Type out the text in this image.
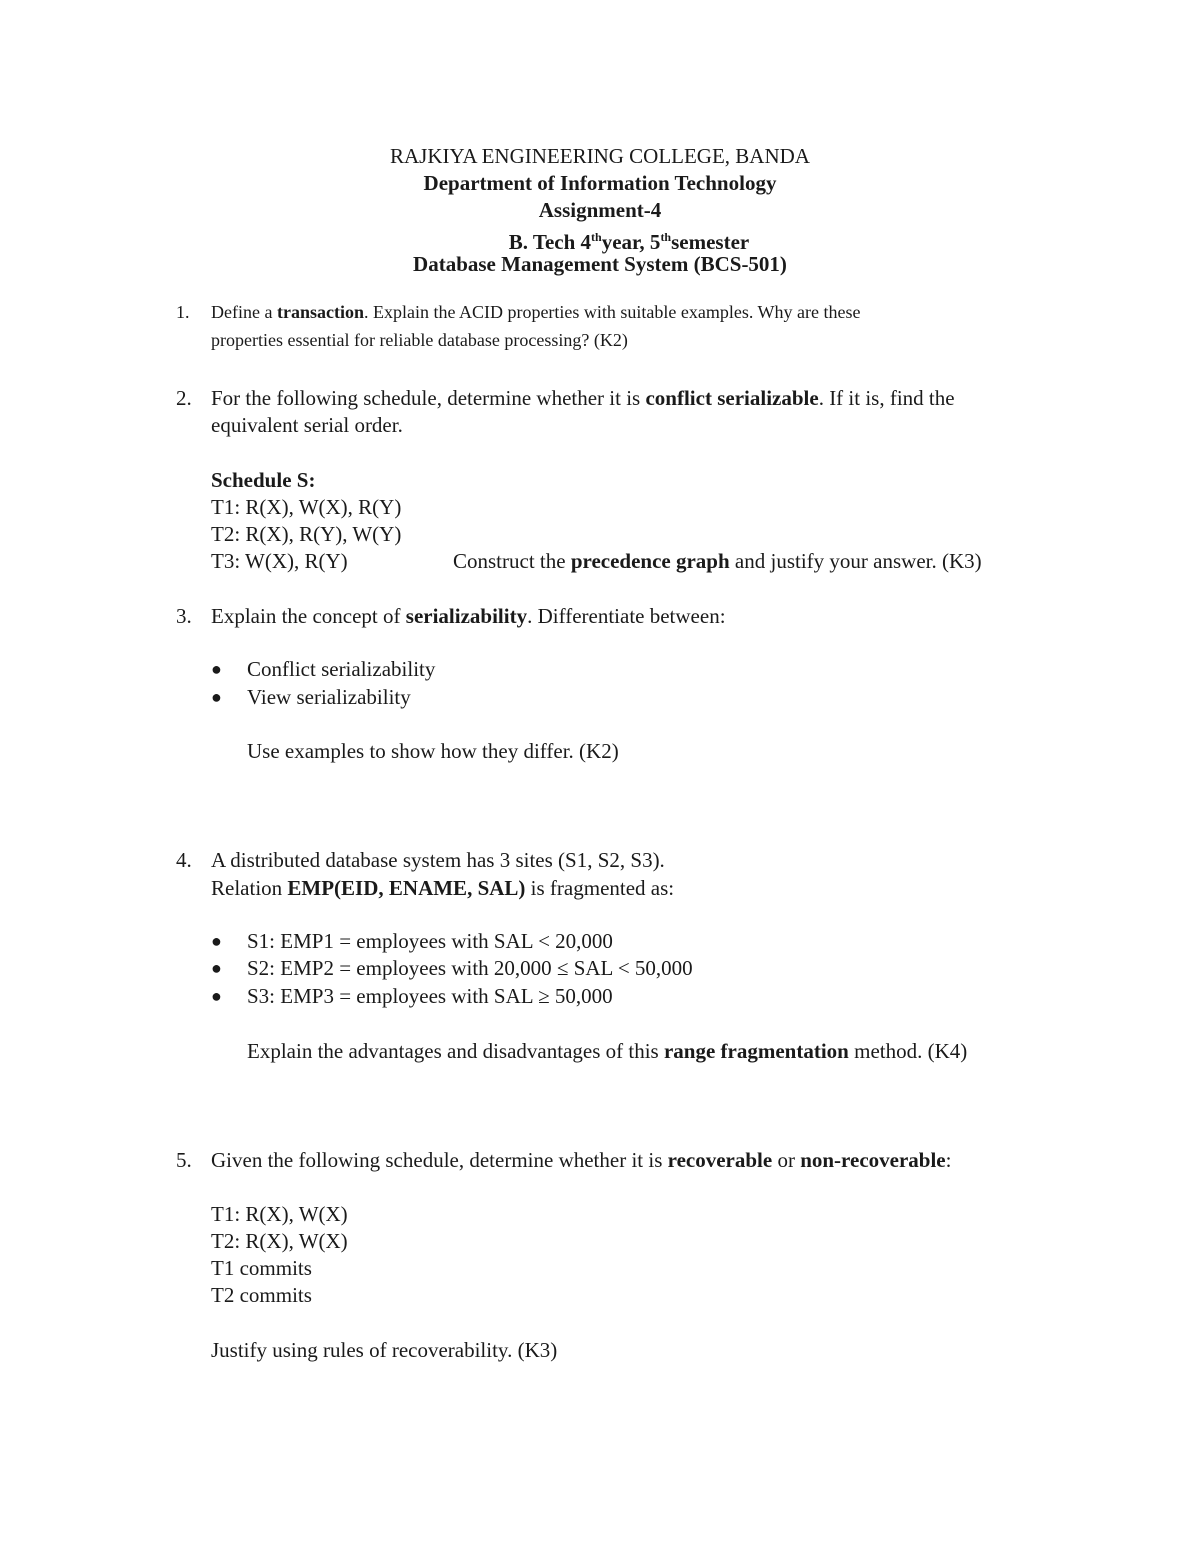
RAJKIYA ENGINEERING COLLEGE, BANDA
Department of Information Technology
Assignment-4
B. Tech 4thyear, 5thsemester
Database Management System (BCS-501)
1. Define a transaction. Explain the ACID properties with suitable examples. Why are these
properties essential for reliable database processing? (K2)
2. For the following schedule, determine whether it is conflict serializable. If it is, find the
equivalent serial order.
Schedule S:
T1: R(X), W(X), R(Y)
T2: R(X), R(Y), W(Y)
T3: W(X), R(Y)	Construct the precedence graph and justify your answer. (K3)
3. Explain the concept of serializability. Differentiate between:
● Conflict serializability
● View serializability
Use examples to show how they differ. (K2)
4. A distributed database system has 3 sites (S1, S2, S3).
Relation EMP(EID, ENAME, SAL) is fragmented as:
● S1: EMP1 = employees with SAL < 20,000
● S2: EMP2 = employees with 20,000 ≤ SAL < 50,000
● S3: EMP3 = employees with SAL ≥ 50,000
Explain the advantages and disadvantages of this range fragmentation method. (K4)
5. Given the following schedule, determine whether it is recoverable or non-recoverable:
T1: R(X), W(X)
T2: R(X), W(X)
T1 commits
T2 commits
Justify using rules of recoverability. (K3)
